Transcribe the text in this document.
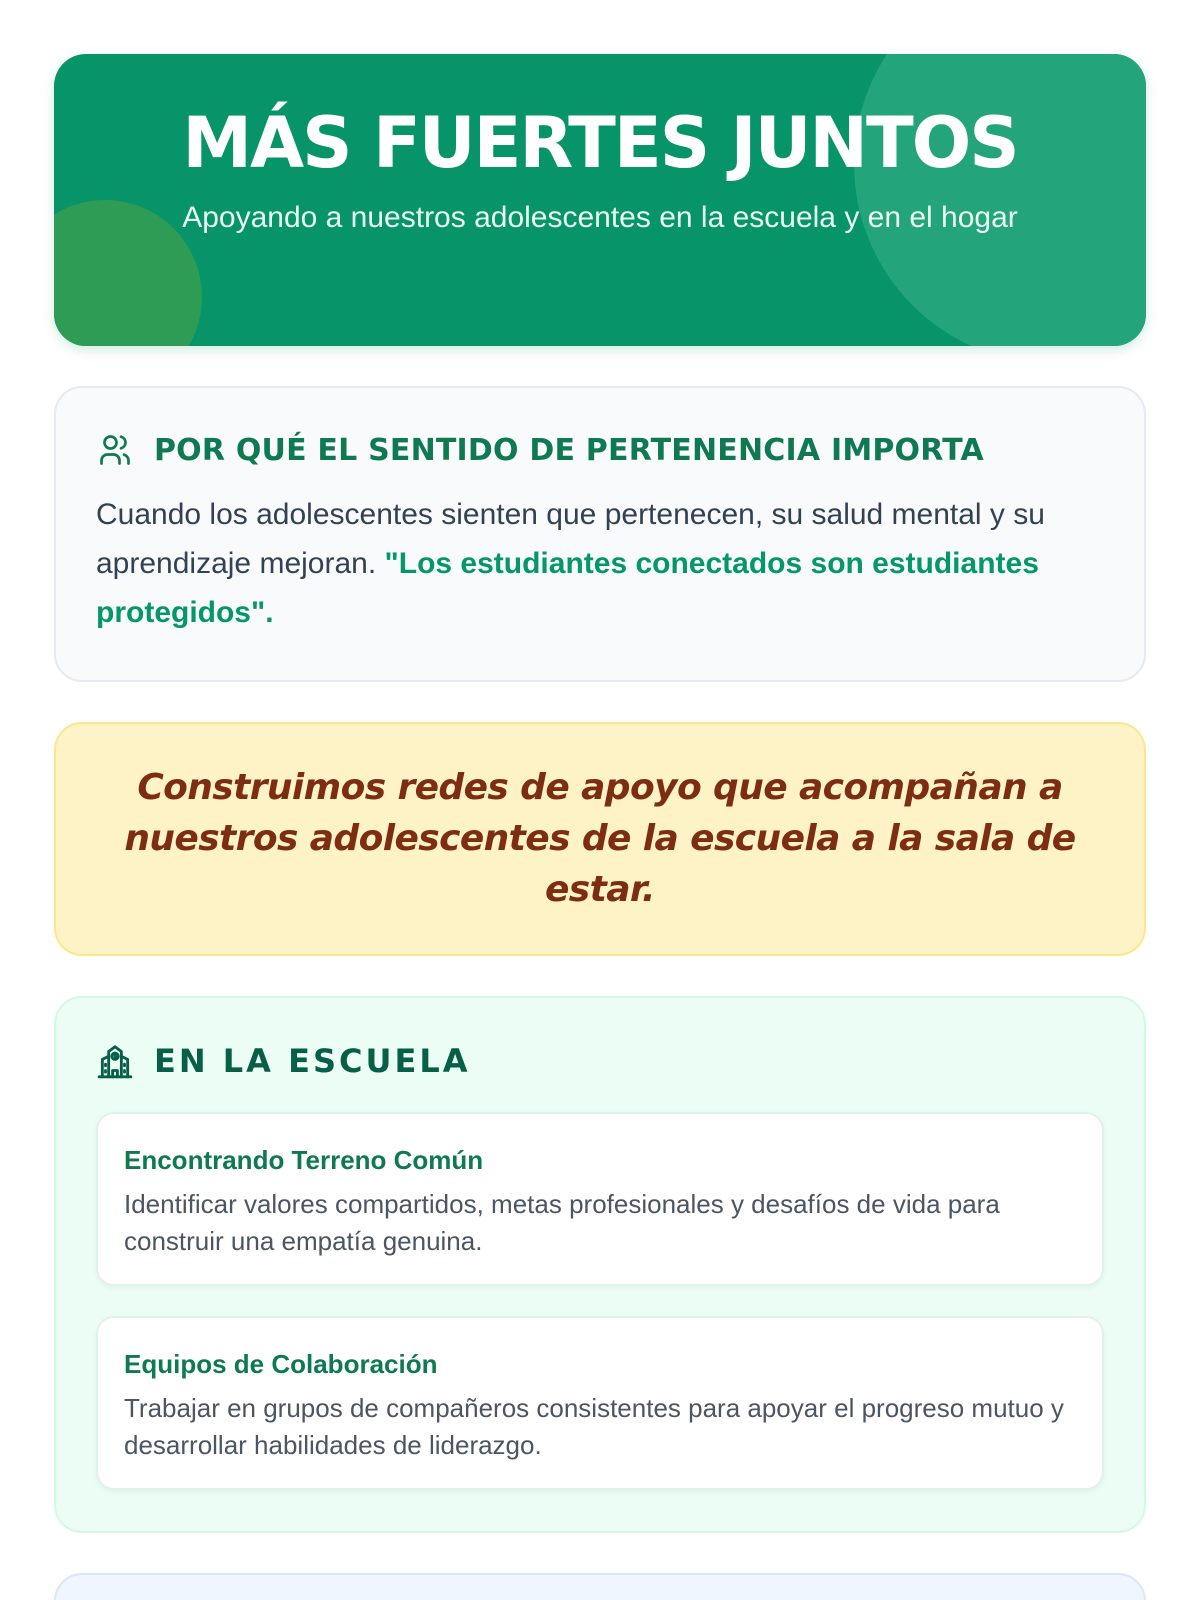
MÁS FUERTES JUNTOS

Apoyando a nuestros adolescentes en la escuela y en el hogar

POR QUÉ EL SENTIDO DE PERTENENCIA IMPORTA

Cuando los adolescentes sienten que pertenecen, su salud mental y su aprendizaje mejoran. "Los estudiantes conectados son estudiantes protegidos".

Construimos redes de apoyo que acompañan a nuestros adolescentes de la escuela a la sala de estar.

EN LA ESCUELA
Encontrando Terreno Común

Identificar valores compartidos, metas profesionales y desafíos de vida para construir una empatía genuina.

Equipos de Colaboración

Trabajar en grupos de compañeros consistentes para apoyar el progreso mutuo y desarrollar habilidades de liderazgo.
